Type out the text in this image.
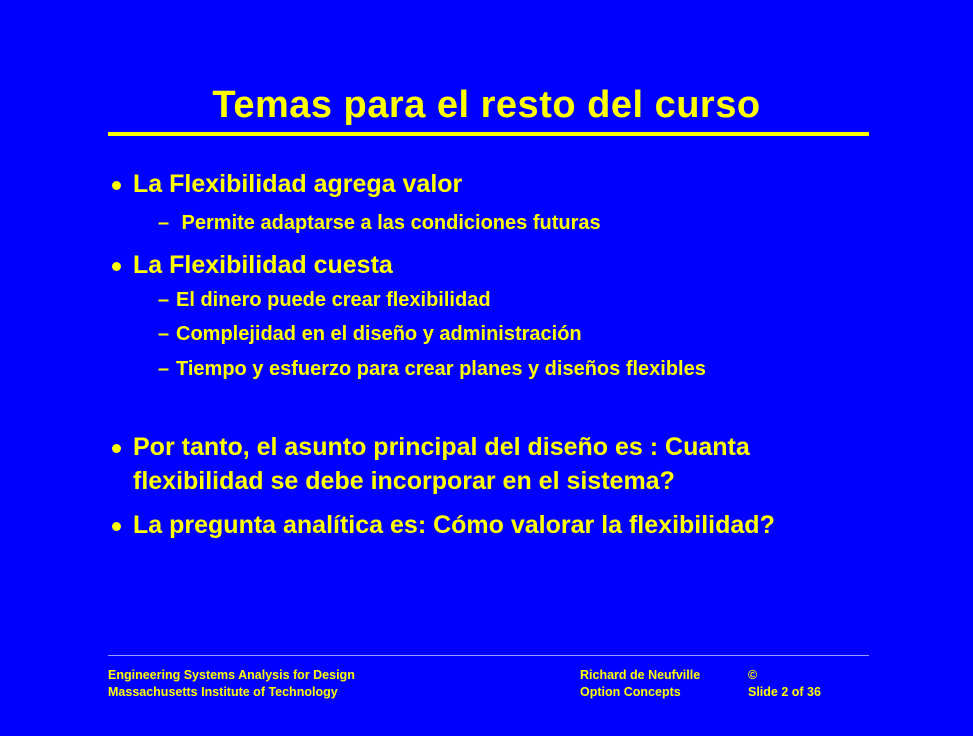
Temas para el resto del curso
La Flexibilidad agrega valor
– Permite adaptarse a las condiciones futuras
La Flexibilidad cuesta
– El dinero puede crear flexibilidad
– Complejidad en el diseño y administración
– Tiempo y esfuerzo para crear planes y diseños flexibles
Por tanto, el asunto principal del diseño es : Cuanta flexibilidad se debe incorporar en el sistema?
La pregunta analítica es: Cómo valorar la flexibilidad?
Engineering Systems Analysis for Design
Massachusetts Institute of Technology
Richard de Neufville
Option Concepts
©
Slide 2 of 36
